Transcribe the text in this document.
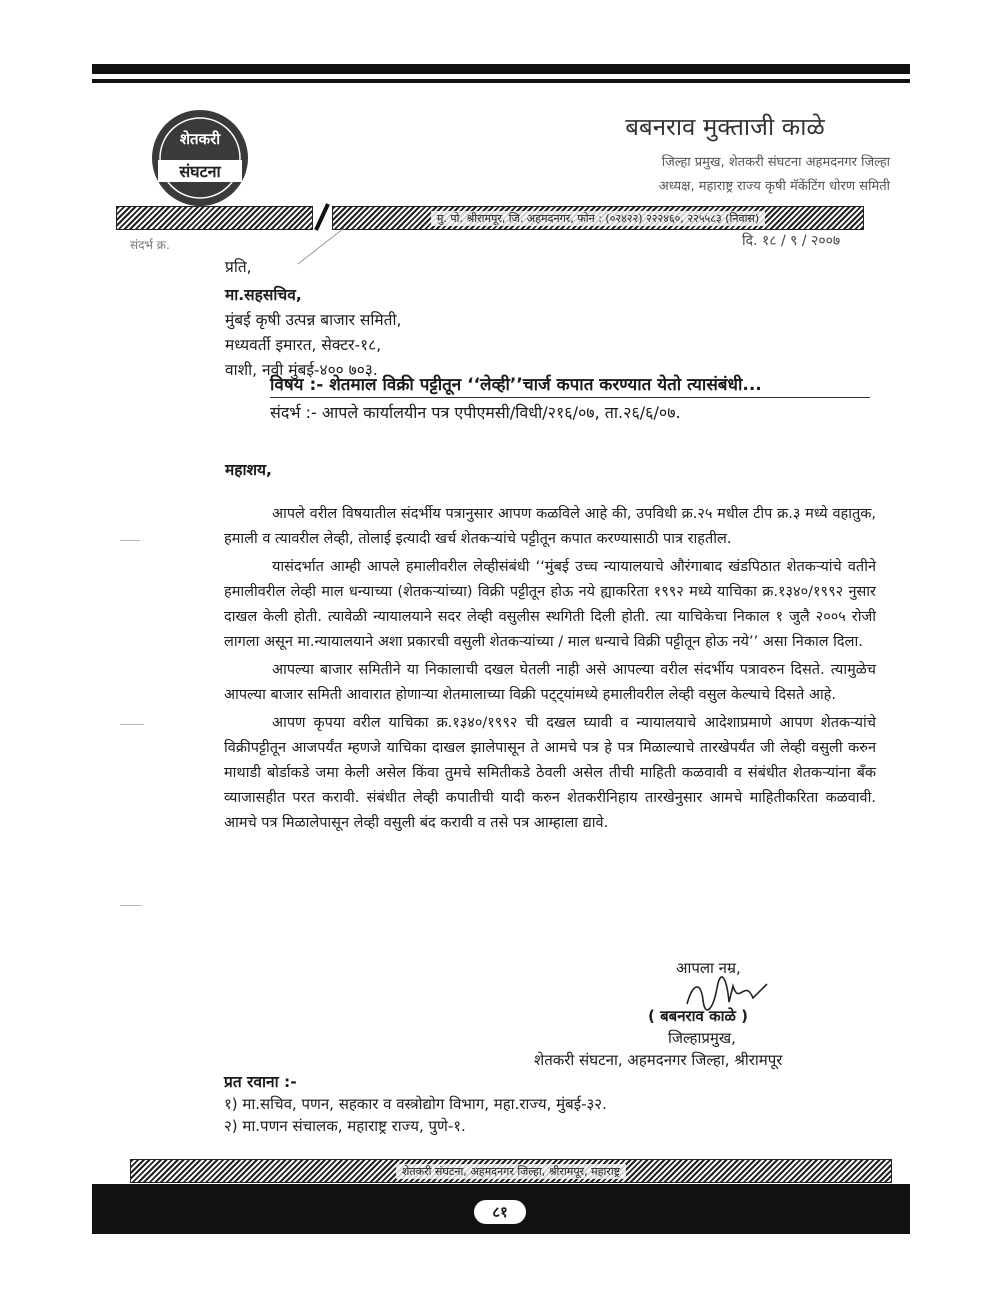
शेतकरी
संघटना
बबनराव मुक्ताजी काळे
जिल्हा प्रमुख, शेतकरी संघटना अहमदनगर जिल्हा
अध्यक्ष, महाराष्ट्र राज्य कृषी मॅकेंटिंग धोरण समिती
मु. पो. श्रीरामपूर, जि. अहमदनगर, फोन : (०२४२२) २२२४६०, २२५५८३ (निवास)
संदर्भ क्र.	दि. १८ / ९ / २००७
प्रति,
मा.सहसचिव,
मुंबई कृषी उत्पन्न बाजार समिती,
मध्यवर्ती इमारत, सेक्टर-१८,
वाशी, नवी मुंबई-४०० ७०३.
विषय :- शेतमाल विक्री पट्टीतून ‘‘लेव्ही’’चार्ज कपात करण्यात येतो त्यासंबंधी...
संदर्भ :- आपले कार्यालयीन पत्र एपीएमसी/विधी/२१६/०७, ता.२६/६/०७.
महाशय,

आपले वरील विषयातील संदर्भीय पत्रानुसार आपण कळविले आहे की, उपविधी क्र.२५ मधील टीप क्र.३ मध्ये वहातुक, हमाली व त्यावरील लेव्ही, तोलाई इत्यादी खर्च शेतकऱ्यांचे पट्टीतून कपात करण्यासाठी पात्र राहतील.

यासंदर्भात आम्ही आपले हमालीवरील लेव्हीसंबंधी ‘‘मुंबई उच्च न्यायालयाचे औरंगाबाद खंडपिठात शेतकऱ्यांचे वतीने हमालीवरील लेव्ही माल धन्याच्या (शेतकऱ्यांच्या) विक्री पट्टीतून होऊ नये ह्याकरिता १९९२ मध्ये याचिका क्र.१३४०/१९९२ नुसार दाखल केली होती. त्यावेळी न्यायालयाने सदर लेव्ही वसुलीस स्थगिती दिली होती. त्या याचिकेचा निकाल १ जुलै २००५ रोजी लागला असून मा.न्यायालयाने अशा प्रकारची वसुली शेतकऱ्यांच्या / माल धन्याचे विक्री पट्टीतून होऊ नये’’ असा निकाल दिला.

आपल्या बाजार समितीने या निकालाची दखल घेतली नाही असे आपल्या वरील संदर्भीय पत्रावरुन दिसते. त्यामुळेच आपल्या बाजार समिती आवारात होणाऱ्या शेतमालाच्या विक्री पट्ट्यांमध्ये हमालीवरील लेव्ही वसुल केल्याचे दिसते आहे.

आपण कृपया वरील याचिका क्र.१३४०/१९९२ ची दखल घ्यावी व न्यायालयाचे आदेशाप्रमाणे आपण शेतकऱ्यांचे विक्रीपट्टीतून आजपर्यंत म्हणजे याचिका दाखल झालेपासून ते आमचे पत्र हे पत्र मिळाल्याचे तारखेपर्यंत जी लेव्ही वसुली करुन माथाडी बोर्डाकडे जमा केली असेल किंवा तुमचे समितीकडे ठेवली असेल तीची माहिती कळवावी व संबंधीत शेतकऱ्यांना बँक व्याजासहीत परत करावी. संबंधीत लेव्ही कपातीची यादी करुन शेतकरीनिहाय तारखेनुसार आमचे माहितीकरिता कळवावी. आमचे पत्र मिळालेपासून लेव्ही वसुली बंद करावी व तसे पत्र आम्हाला द्यावे.

आपला नम्र,
( बबनराव काळे )
जिल्हाप्रमुख,
शेतकरी संघटना, अहमदनगर जिल्हा, श्रीरामपूर
प्रत रवाना :-
१) मा.सचिव, पणन, सहकार व वस्त्रोद्योग विभाग, महा.राज्य, मुंबई-३२.
२) मा.पणन संचालक, महाराष्ट्र राज्य, पुणे-१.
शेतकरी संघटना, अहमदनगर जिल्हा, श्रीरामपूर, महाराष्ट्र
८१
